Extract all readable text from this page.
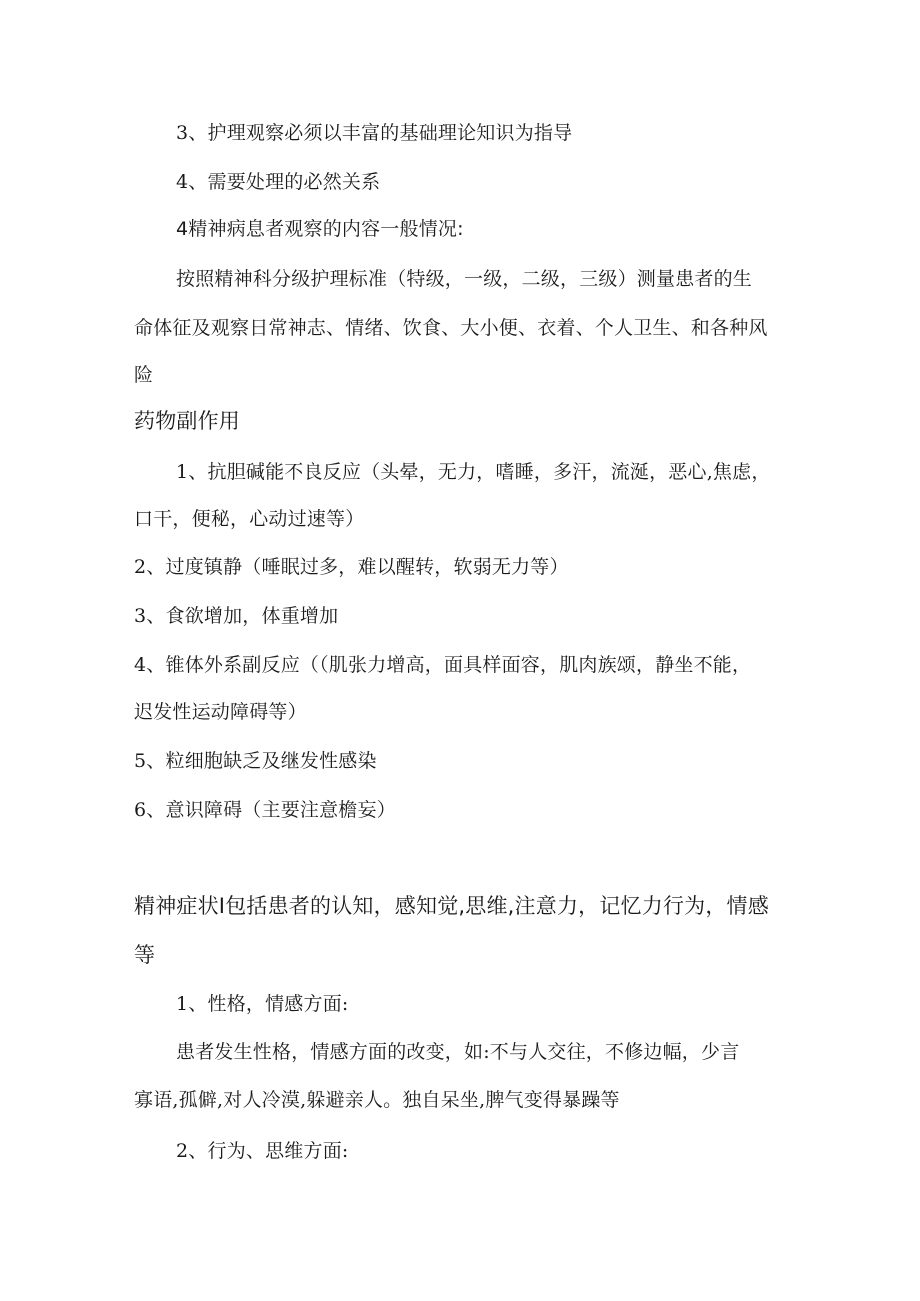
3、护理观察必须以丰富的基础理论知识为指导
4、需要处理的必然关系
4精神病息者观察的内容一般情况:
按照精神科分级护理标准（特级，一级，二级，三级）测量患者的生
命体征及观察日常神志、情绪、饮食、大小便、衣着、个人卫生、和各种风
险
药物副作用
1、抗胆碱能不良反应（头晕，无力，嗜睡，多汗，流涎，恶心,焦虑，
口干，便秘，心动过速等）
2、过度镇静（唾眠过多，难以醒转，软弱无力等）
3、食欲增加，体重增加
4、锥体外系副反应（（肌张力增高，面具样面容，肌肉族颂，静坐不能，
迟发性运动障碍等）
5、粒细胞缺乏及继发性感染
6、意识障碍（主要注意檐妄）
精神症状I包括患者的认知，感知觉,思维,注意力，记忆力行为，情感
等
1、性格，情感方面:
患者发生性格，情感方面的改变，如:不与人交往，不修边幅，少言
寡语,孤僻,对人冷漠,躲避亲人。独自呆坐,脾气变得暴躁等
2、行为、思维方面:
